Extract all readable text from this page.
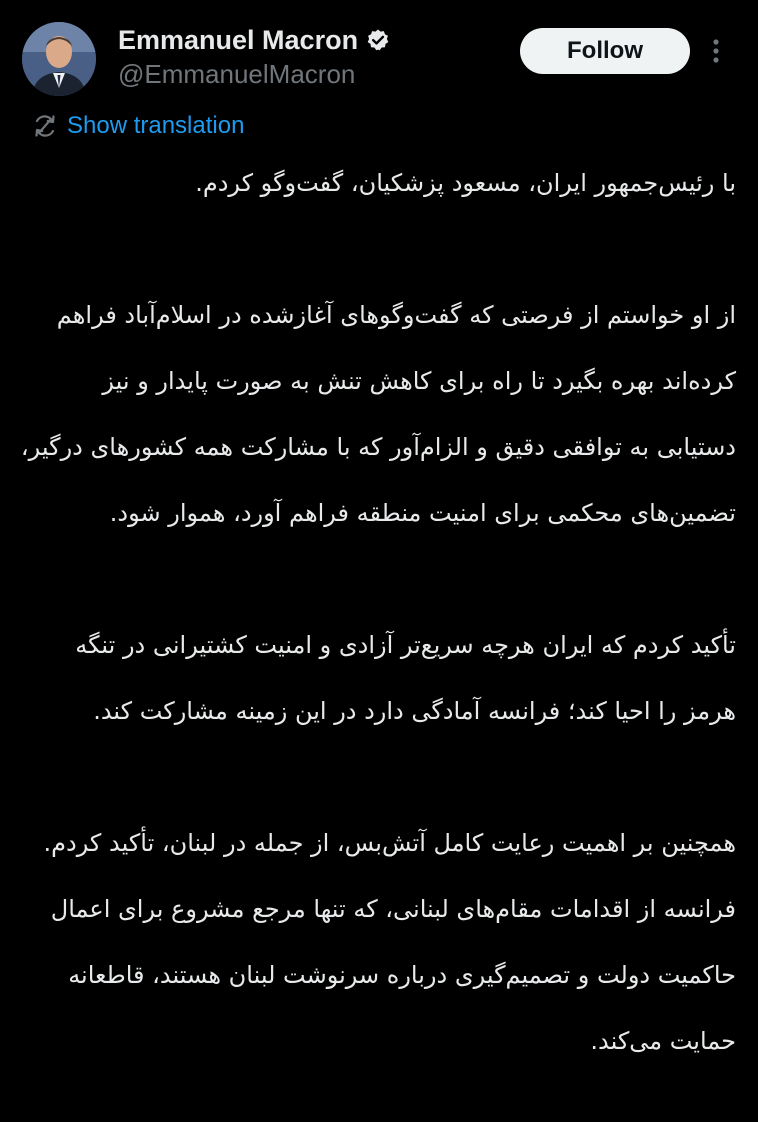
Emmanuel Macron
@EmmanuelMacron
Follow
Show translation

با رئیس‌جمهور ایران، مسعود پزشکیان، گفت‌وگو کردم.

از او خواستم از فرصتی که گفت‌وگوهای آغازشده در اسلام‌آباد فراهم کرده‌اند بهره بگیرد تا راه برای کاهش تنش به صورت پایدار و نیز دستیابی به توافقی دقیق و الزام‌آور که با مشارکت همه کشورهای درگیر، تضمین‌های محکمی برای امنیت منطقه فراهم آورد، هموار شود.

تأکید کردم که ایران هرچه سریع‌تر آزادی و امنیت کشتیرانی در تنگه هرمز را احیا کند؛ فرانسه آمادگی دارد در این زمینه مشارکت کند.

همچنین بر اهمیت رعایت کامل آتش‌بس، از جمله در لبنان، تأکید کردم. فرانسه از اقدامات مقام‌های لبنانی، که تنها مرجع مشروع برای اعمال حاکمیت دولت و تصمیم‌گیری درباره سرنوشت لبنان هستند، قاطعانه حمایت می‌کند.
